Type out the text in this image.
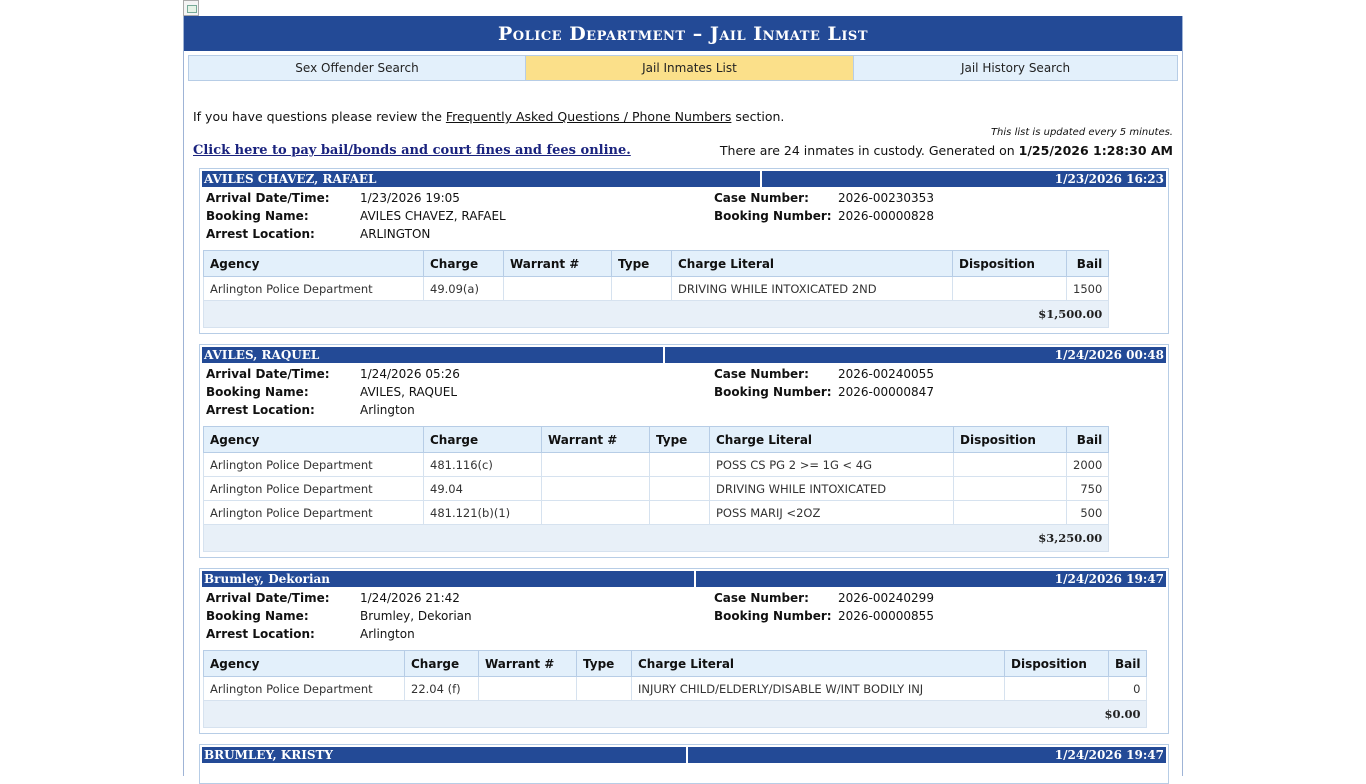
Police Department – Jail Inmate List
Sex Offender Search	Jail Inmates List	Jail History Search
If you have questions please review the Frequently Asked Questions / Phone Numbers section.
This list is updated every 5 minutes.
Click here to pay bail/bonds and court fines and fees online.	There are 24 inmates in custody. Generated on 1/25/2026 1:28:30 AM
AVILES CHAVEZ, RAFAEL	1/23/2026 16:23
Arrival Date/Time:	1/23/2026 19:05
Booking Name:	AVILES CHAVEZ, RAFAEL
Arrest Location:	ARLINGTON
Case Number: 2026-00230353
Booking Number: 2026-00000828
Agency	Charge	Warrant #	Type	Charge Literal	Disposition	Bail
Arlington Police Department	49.09(a)			DRIVING WHILE INTOXICATED 2ND		1500
$1,500.00						
AVILES, RAQUEL	1/24/2026 00:48
Arrival Date/Time:	1/24/2026 05:26
Booking Name:	AVILES, RAQUEL
Arrest Location:	Arlington
Case Number: 2026-00240055
Booking Number: 2026-00000847
Agency	Charge	Warrant #	Type	Charge Literal	Disposition	Bail
Arlington Police Department	481.116(c)			POSS CS PG 2 >= 1G < 4G		2000
Arlington Police Department	49.04			DRIVING WHILE INTOXICATED		750
Arlington Police Department	481.121(b)(1)			POSS MARIJ <2OZ		500
$3,250.00						
Brumley, Dekorian	1/24/2026 19:47
Arrival Date/Time:	1/24/2026 21:42
Booking Name:	Brumley, Dekorian
Arrest Location:	Arlington
Case Number: 2026-00240299
Booking Number: 2026-00000855
Agency	Charge	Warrant #	Type	Charge Literal	Disposition	Bail
Arlington Police Department	22.04 (f)			INJURY CHILD/ELDERLY/DISABLE W/INT BODILY INJ		0
$0.00						
BRUMLEY, KRISTY	1/24/2026 19:47
